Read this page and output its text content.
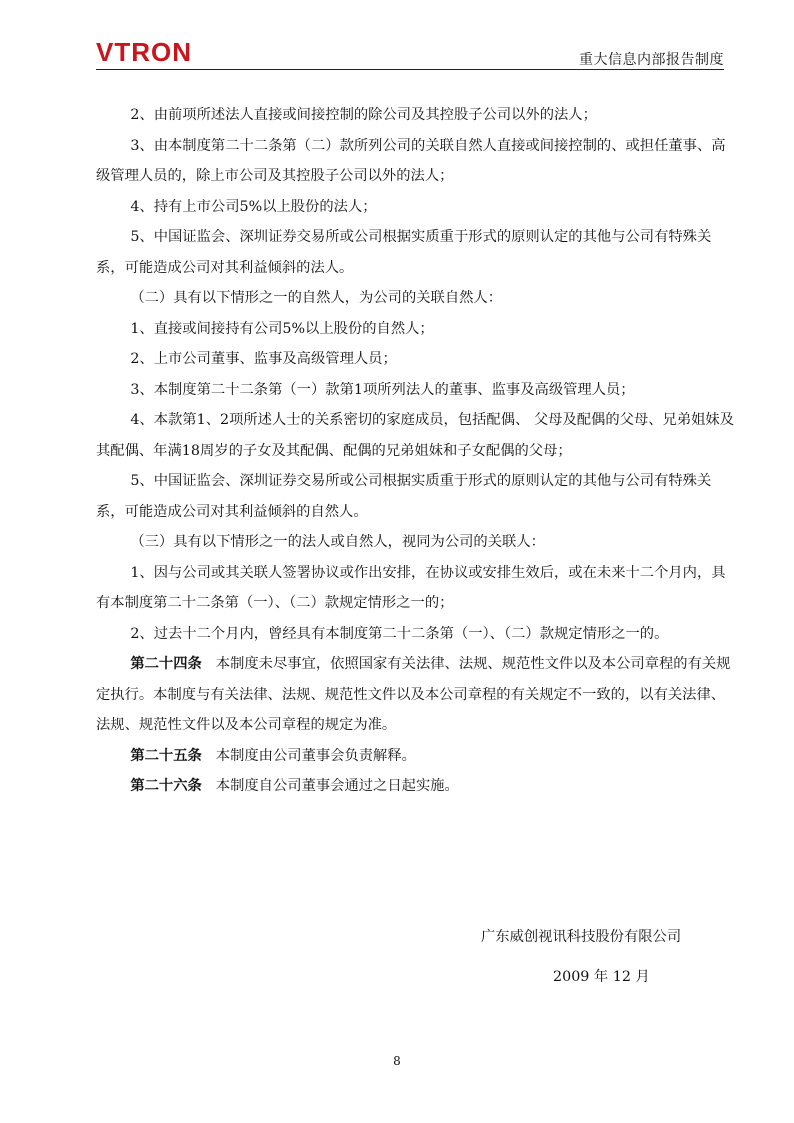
VTRON	重大信息内部报告制度

2、由前项所述法人直接或间接控制的除公司及其控股子公司以外的法人；

3、由本制度第二十二条第（二）款所列公司的关联自然人直接或间接控制的、或担任董事、高级管理人员的，除上市公司及其控股子公司以外的法人；

4、持有上市公司5%以上股份的法人；

5、中国证监会、深圳证券交易所或公司根据实质重于形式的原则认定的其他与公司有特殊关系，可能造成公司对其利益倾斜的法人。

（二）具有以下情形之一的自然人，为公司的关联自然人：

1、直接或间接持有公司5%以上股份的自然人；

2、上市公司董事、监事及高级管理人员；

3、本制度第二十二条第（一）款第1项所列法人的董事、监事及高级管理人员；

4、本款第1、2项所述人士的关系密切的家庭成员，包括配偶、 父母及配偶的父母、兄弟姐妹及其配偶、年满18周岁的子女及其配偶、配偶的兄弟姐妹和子女配偶的父母；

5、中国证监会、深圳证券交易所或公司根据实质重于形式的原则认定的其他与公司有特殊关系，可能造成公司对其利益倾斜的自然人。

（三）具有以下情形之一的法人或自然人，视同为公司的关联人：

1、因与公司或其关联人签署协议或作出安排，在协议或安排生效后，或在未来十二个月内，具有本制度第二十二条第（一）、（二）款规定情形之一的；

2、过去十二个月内，曾经具有本制度第二十二条第（一）、（二）款规定情形之一的。

第二十四条 本制度未尽事宜，依照国家有关法律、法规、规范性文件以及本公司章程的有关规定执行。本制度与有关法律、法规、规范性文件以及本公司章程的有关规定不一致的，以有关法律、法规、规范性文件以及本公司章程的规定为准。

第二十五条 本制度由公司董事会负责解释。

第二十六条 本制度自公司董事会通过之日起实施。

广东威创视讯科技股份有限公司
2009 年 12 月
8
